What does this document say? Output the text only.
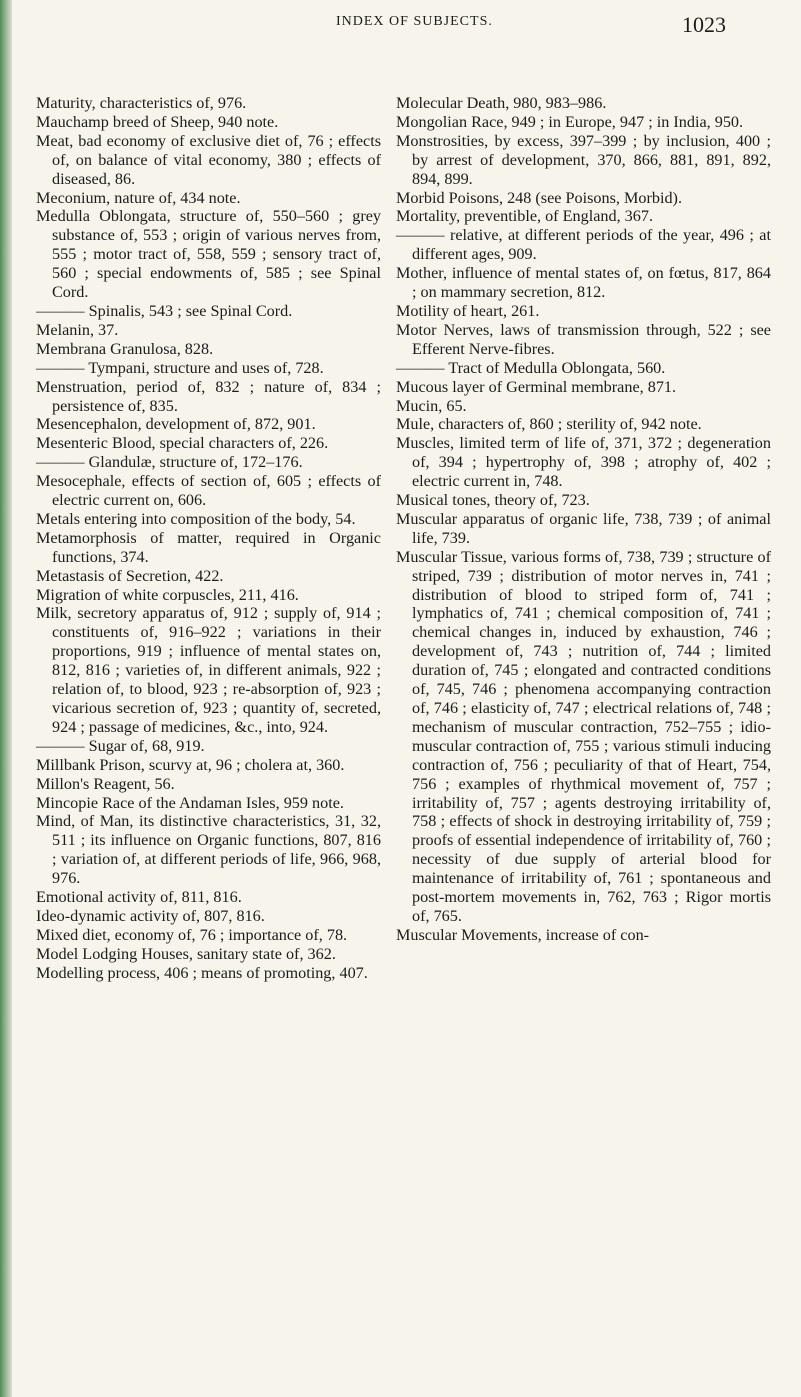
INDEX OF SUBJECTS.	1023

Maturity, characteristics of, 976.

Mauchamp breed of Sheep, 940 note.

Meat, bad economy of exclusive diet of, 76 ; effects of, on balance of vital economy, 380 ; effects of diseased, 86.

Meconium, nature of, 434 note.

Medulla Oblongata, structure of, 550–560 ; grey substance of, 553 ; origin of various nerves from, 555 ; motor tract of, 558, 559 ; sensory tract of, 560 ; special endowments of, 585 ; see Spinal Cord.

——— Spinalis, 543 ; see Spinal Cord.

Melanin, 37.

Membrana Granulosa, 828.

——— Tympani, structure and uses of, 728.

Menstruation, period of, 832 ; nature of, 834 ; persistence of, 835.

Mesencephalon, development of, 872, 901.

Mesenteric Blood, special characters of, 226.

——— Glandulæ, structure of, 172–176.

Mesocephale, effects of section of, 605 ; effects of electric current on, 606.

Metals entering into composition of the body, 54.

Metamorphosis of matter, required in Organic functions, 374.

Metastasis of Secretion, 422.

Migration of white corpuscles, 211, 416.

Milk, secretory apparatus of, 912 ; supply of, 914 ; constituents of, 916–922 ; variations in their proportions, 919 ; influence of mental states on, 812, 816 ; varieties of, in different animals, 922 ; relation of, to blood, 923 ; re-absorption of, 923 ; vicarious secretion of, 923 ; quantity of, secreted, 924 ; passage of medicines, &c., into, 924.

——— Sugar of, 68, 919.

Millbank Prison, scurvy at, 96 ; cholera at, 360.

Millon's Reagent, 56.

Mincopie Race of the Andaman Isles, 959 note.

Mind, of Man, its distinctive characteristics, 31, 32, 511 ; its influence on Organic functions, 807, 816 ; variation of, at different periods of life, 966, 968, 976.

Emotional activity of, 811, 816.

Ideo-dynamic activity of, 807, 816.

Mixed diet, economy of, 76 ; importance of, 78.

Model Lodging Houses, sanitary state of, 362.

Modelling process, 406 ; means of promoting, 407.

Molecular Death, 980, 983–986.

Mongolian Race, 949 ; in Europe, 947 ; in India, 950.

Monstrosities, by excess, 397–399 ; by inclusion, 400 ; by arrest of development, 370, 866, 881, 891, 892, 894, 899.

Morbid Poisons, 248 (see Poisons, Morbid).

Mortality, preventible, of England, 367.

——— relative, at different periods of the year, 496 ; at different ages, 909.

Mother, influence of mental states of, on fœtus, 817, 864 ; on mammary secretion, 812.

Motility of heart, 261.

Motor Nerves, laws of transmission through, 522 ; see Efferent Nerve-fibres.

——— Tract of Medulla Oblongata, 560.

Mucous layer of Germinal membrane, 871.

Mucin, 65.

Mule, characters of, 860 ; sterility of, 942 note.

Muscles, limited term of life of, 371, 372 ; degeneration of, 394 ; hypertrophy of, 398 ; atrophy of, 402 ; electric current in, 748.

Musical tones, theory of, 723.

Muscular apparatus of organic life, 738, 739 ; of animal life, 739.

Muscular Tissue, various forms of, 738, 739 ; structure of striped, 739 ; distribution of motor nerves in, 741 ; distribution of blood to striped form of, 741 ; lymphatics of, 741 ; chemical composition of, 741 ; chemical changes in, induced by exhaustion, 746 ; development of, 743 ; nutrition of, 744 ; limited duration of, 745 ; elongated and contracted conditions of, 745, 746 ; phenomena accompanying contraction of, 746 ; elasticity of, 747 ; electrical relations of, 748 ; mechanism of muscular contraction, 752–755 ; idio-muscular contraction of, 755 ; various stimuli inducing contraction of, 756 ; peculiarity of that of Heart, 754, 756 ; examples of rhythmical movement of, 757 ; irritability of, 757 ; agents destroying irritability of, 758 ; effects of shock in destroying irritability of, 759 ; proofs of essential independence of irritability of, 760 ; necessity of due supply of arterial blood for maintenance of irritability of, 761 ; spontaneous and post-mortem movements in, 762, 763 ; Rigor mortis of, 765.

Muscular Movements, increase of con-
